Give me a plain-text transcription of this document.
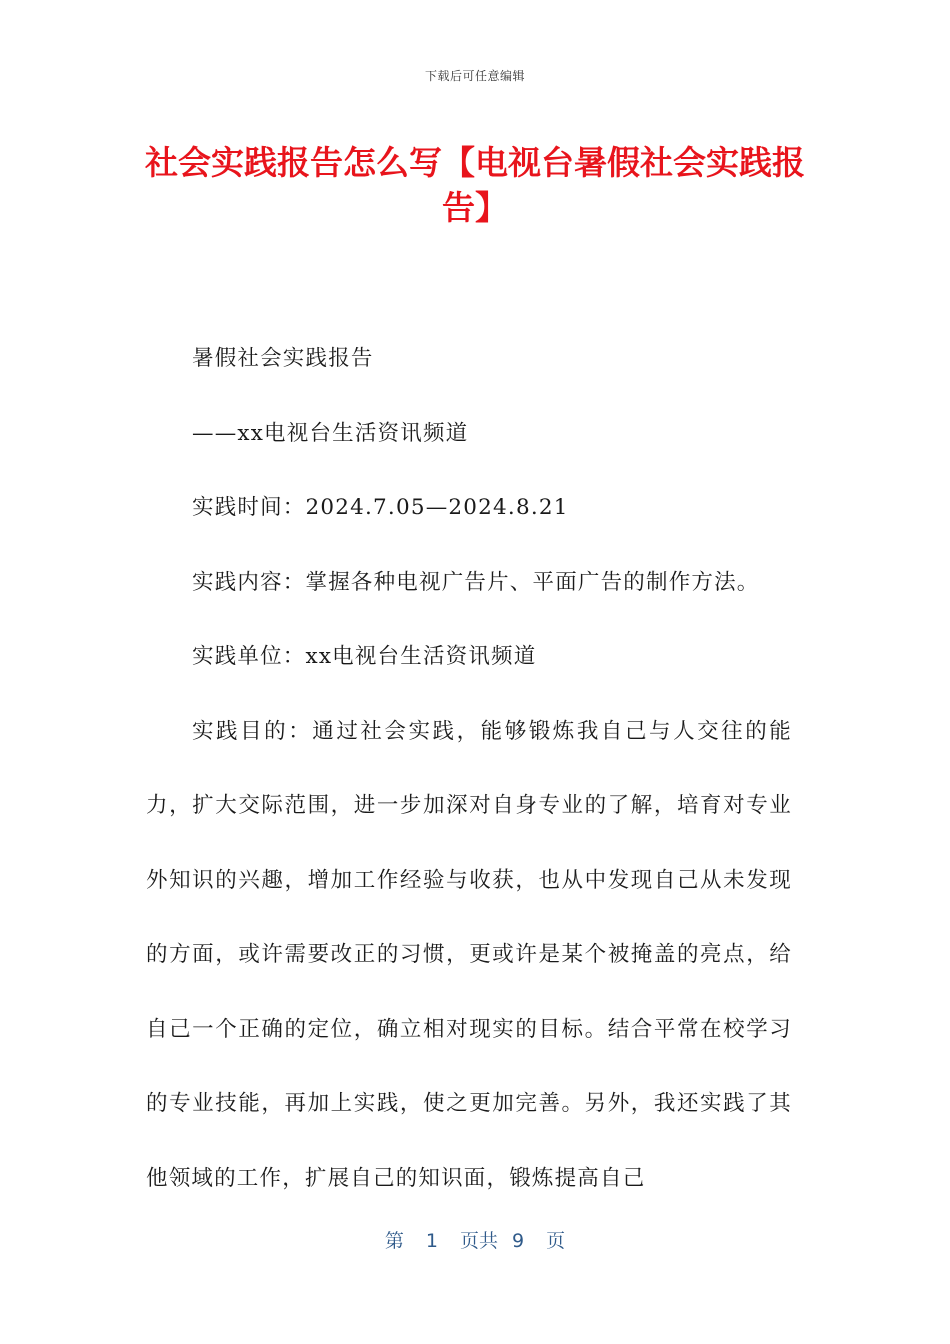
下载后可任意编辑
社会实践报告怎么写【电视台暑假社会实践报告】

暑假社会实践报告

——xx电视台生活资讯频道

实践时间：2024.7.05—2024.8.21

实践内容：掌握各种电视广告片、平面广告的制作方法。

实践单位：xx电视台生活资讯频道

实践目的：通过社会实践，能够锻炼我自己与人交往的能力，扩大交际范围，进一步加深对自身专业的了解，培育对专业外知识的兴趣，增加工作经验与收获，也从中发现自己从未发现的方面，或许需要改正的习惯，更或许是某个被掩盖的亮点，给自己一个正确的定位，确立相对现实的目标。结合平常在校学习的专业技能，再加上实践，使之更加完善。另外，我还实践了其他领域的工作，扩展自己的知识面，锻炼提高自己

第 1 页共 9 页
